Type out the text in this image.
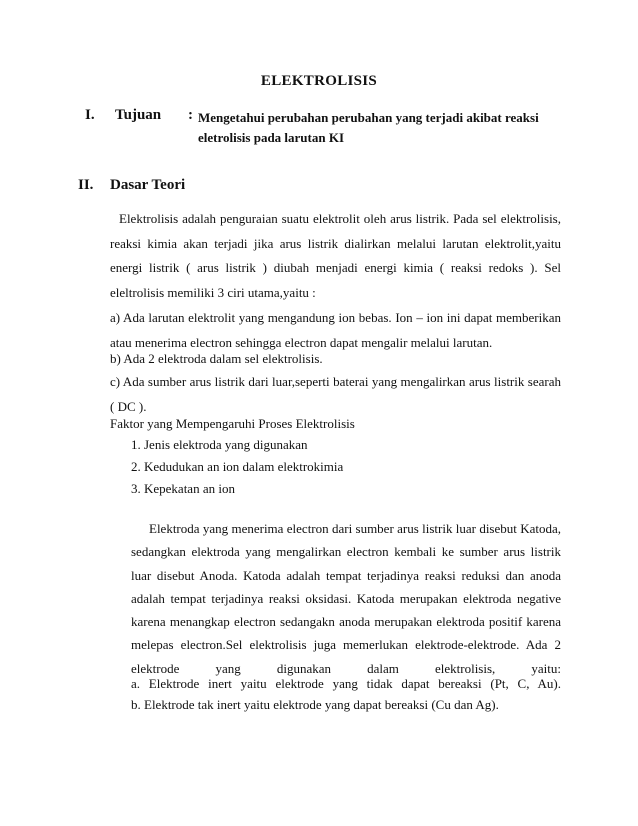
ELEKTROLISIS
I. Tujuan : Mengetahui perubahan perubahan yang terjadi akibat reaksi
eletrolisis pada larutan KI
II. Dasar Teori
Elektrolisis adalah penguraian suatu elektrolit oleh arus listrik. Pada sel elektrolisis, reaksi kimia akan terjadi jika arus listrik dialirkan melalui larutan elektrolit,yaitu energi listrik ( arus listrik ) diubah menjadi energi kimia ( reaksi redoks ). Sel eleltrolisis memiliki 3 ciri utama,yaitu :
a) Ada larutan elektrolit yang mengandung ion bebas. Ion – ion ini dapat memberikan atau menerima electron sehingga electron dapat mengalir melalui larutan.
b) Ada 2 elektroda dalam sel elektrolisis.
c) Ada sumber arus listrik dari luar,seperti baterai yang mengalirkan arus listrik searah ( DC ).
Faktor yang Mempengaruhi Proses Elektrolisis
1. Jenis elektroda yang digunakan
2. Kedudukan an ion dalam elektrokimia
3. Kepekatan an ion
Elektroda yang menerima electron dari sumber arus listrik luar disebut Katoda, sedangkan elektroda yang mengalirkan electron kembali ke sumber arus listrik luar disebut Anoda. Katoda adalah tempat terjadinya reaksi reduksi dan anoda adalah tempat terjadinya reaksi oksidasi. Katoda merupakan elektroda negative karena menangkap electron sedangakn anoda merupakan elektroda positif karena melepas electron.Sel elektrolisis juga memerlukan elektrode-elektrode. Ada 2 elektrode yang digunakan dalam elektrolisis, yaitu:
a. Elektrode inert yaitu elektrode yang tidak dapat bereaksi (Pt, C, Au).
b. Elektrode tak inert yaitu elektrode yang dapat bereaksi (Cu dan Ag).
